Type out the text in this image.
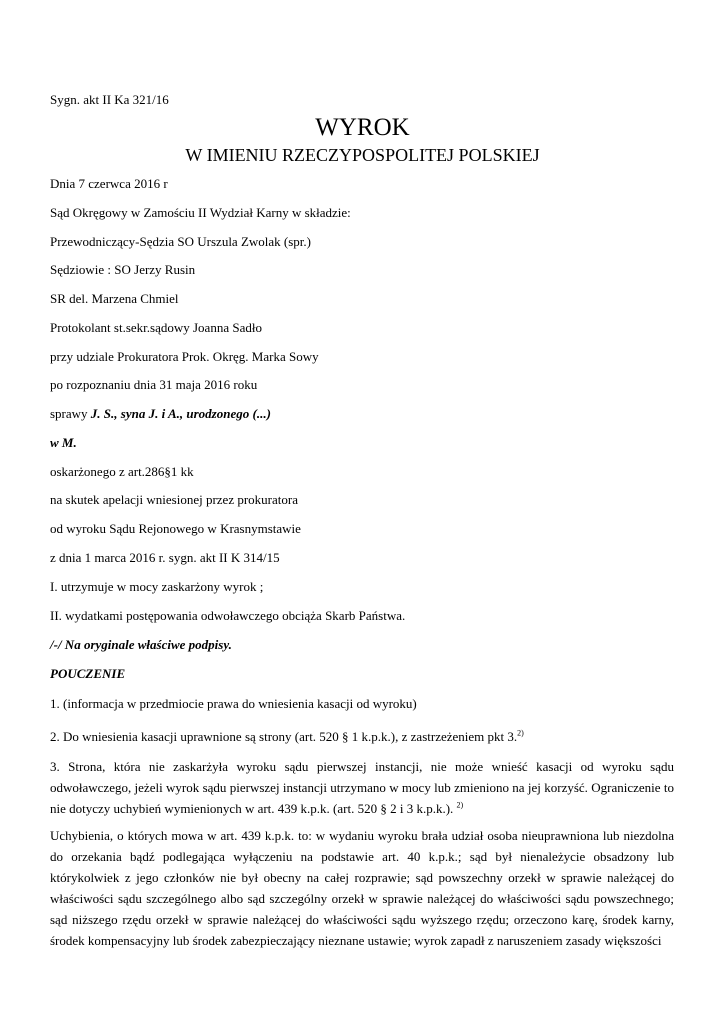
Sygn. akt II Ka 321/16
WYROK
W IMIENIU RZECZYPOSPOLITEJ POLSKIEJ
Dnia 7 czerwca 2016 r
Sąd Okręgowy w Zamościu II Wydział Karny w składzie:
Przewodniczący-Sędzia SO Urszula Zwolak (spr.)
Sędziowie : SO Jerzy Rusin
SR del. Marzena Chmiel
Protokolant st.sekr.sądowy Joanna Sadło
przy udziale Prokuratora Prok. Okręg. Marka Sowy
po rozpoznaniu dnia 31 maja 2016 roku
sprawy J. S., syna J. i A., urodzonego (...)
w M.
oskarżonego z art.286§1 kk
na skutek apelacji wniesionej przez prokuratora
od wyroku Sądu Rejonowego w Krasnymstawie
z dnia 1 marca 2016 r. sygn. akt II K 314/15
I. utrzymuje w mocy zaskarżony wyrok ;
II. wydatkami postępowania odwoławczego obciąża Skarb Państwa.
/-/ Na oryginale właściwe podpisy.
POUCZENIE
1. (informacja w przedmiocie prawa do wniesienia kasacji od wyroku)
2. Do wniesienia kasacji uprawnione są strony (art. 520 § 1 k.p.k.), z zastrzeżeniem pkt 3.$^{2)}$
3. Strona, która nie zaskarżyła wyroku sądu pierwszej instancji, nie może wnieść kasacji od wyroku sądu odwoławczego, jeżeli wyrok sądu pierwszej instancji utrzymano w mocy lub zmieniono na jej korzyść. Ograniczenie to nie dotyczy uchybień wymienionych w art. 439 k.p.k. (art. 520 § 2 i 3 k.p.k.). $^{2)}$
Uchybienia, o których mowa w art. 439 k.p.k. to: w wydaniu wyroku brała udział osoba nieuprawniona lub niezdolna do orzekania bądź podlegająca wyłączeniu na podstawie art. 40 k.p.k.; sąd był nienależycie obsadzony lub którykolwiek z jego członków nie był obecny na całej rozprawie; sąd powszechny orzekł w sprawie należącej do właściwości sądu szczególnego albo sąd szczególny orzekł w sprawie należącej do właściwości sądu powszechnego; sąd niższego rzędu orzekł w sprawie należącej do właściwości sądu wyższego rzędu; orzeczono karę, środek karny, środek kompensacyjny lub środek zabezpieczający nieznane ustawie; wyrok zapadł z naruszeniem zasady większości
